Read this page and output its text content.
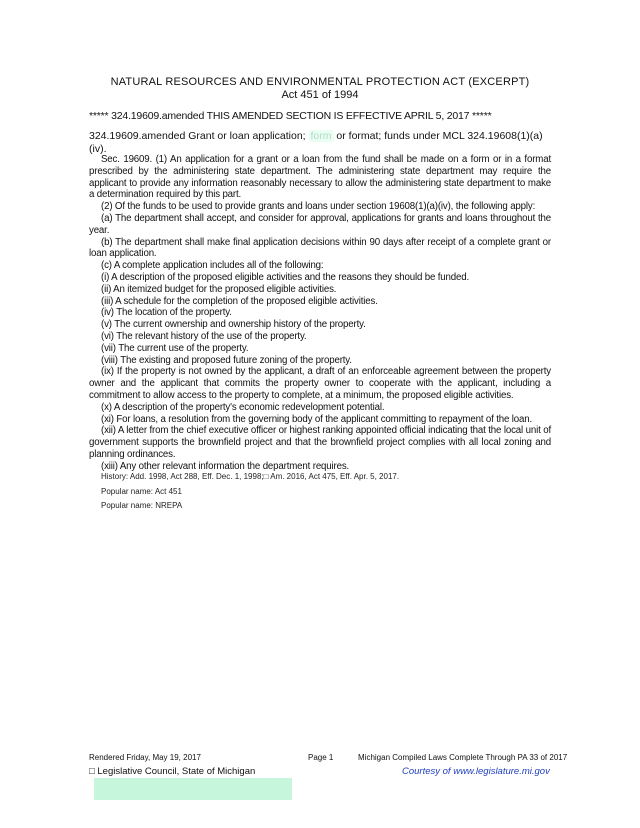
NATURAL RESOURCES AND ENVIRONMENTAL PROTECTION ACT (EXCERPT)
Act 451 of 1994
***** 324.19609.amended THIS AMENDED SECTION IS EFFECTIVE APRIL 5, 2017 *****
324.19609.amended Grant or loan application; form or format; funds under MCL 324.19608(1)(a)(iv).

Sec. 19609. (1) An application for a grant or a loan from the fund shall be made on a form or in a format prescribed by the administering state department. The administering state department may require the applicant to provide any information reasonably necessary to allow the administering state department to make a determination required by this part.

(2) Of the funds to be used to provide grants and loans under section 19608(1)(a)(iv), the following apply:

(a) The department shall accept, and consider for approval, applications for grants and loans throughout the year.

(b) The department shall make final application decisions within 90 days after receipt of a complete grant or loan application.

(c) A complete application includes all of the following:

(i) A description of the proposed eligible activities and the reasons they should be funded.

(ii) An itemized budget for the proposed eligible activities.

(iii) A schedule for the completion of the proposed eligible activities.

(iv) The location of the property.

(v) The current ownership and ownership history of the property.

(vi) The relevant history of the use of the property.

(vii) The current use of the property.

(viii) The existing and proposed future zoning of the property.

(ix) If the property is not owned by the applicant, a draft of an enforceable agreement between the property owner and the applicant that commits the property owner to cooperate with the applicant, including a commitment to allow access to the property to complete, at a minimum, the proposed eligible activities.

(x) A description of the property's economic redevelopment potential.

(xi) For loans, a resolution from the governing body of the applicant committing to repayment of the loan.

(xii) A letter from the chief executive officer or highest ranking appointed official indicating that the local unit of government supports the brownfield project and that the brownfield project complies with all local zoning and planning ordinances.

(xiii) Any other relevant information the department requires.

History: Add. 1998, Act 288, Eff. Dec. 1, 1998;□ Am. 2016, Act 475, Eff. Apr. 5, 2017.
Popular name: Act 451
Popular name: NREPA
Rendered Friday, May 19, 2017	Page 1	Michigan Compiled Laws Complete Through PA 33 of 2017
□ Legislative Council, State of Michigan	Courtesy of www.legislature.mi.gov
